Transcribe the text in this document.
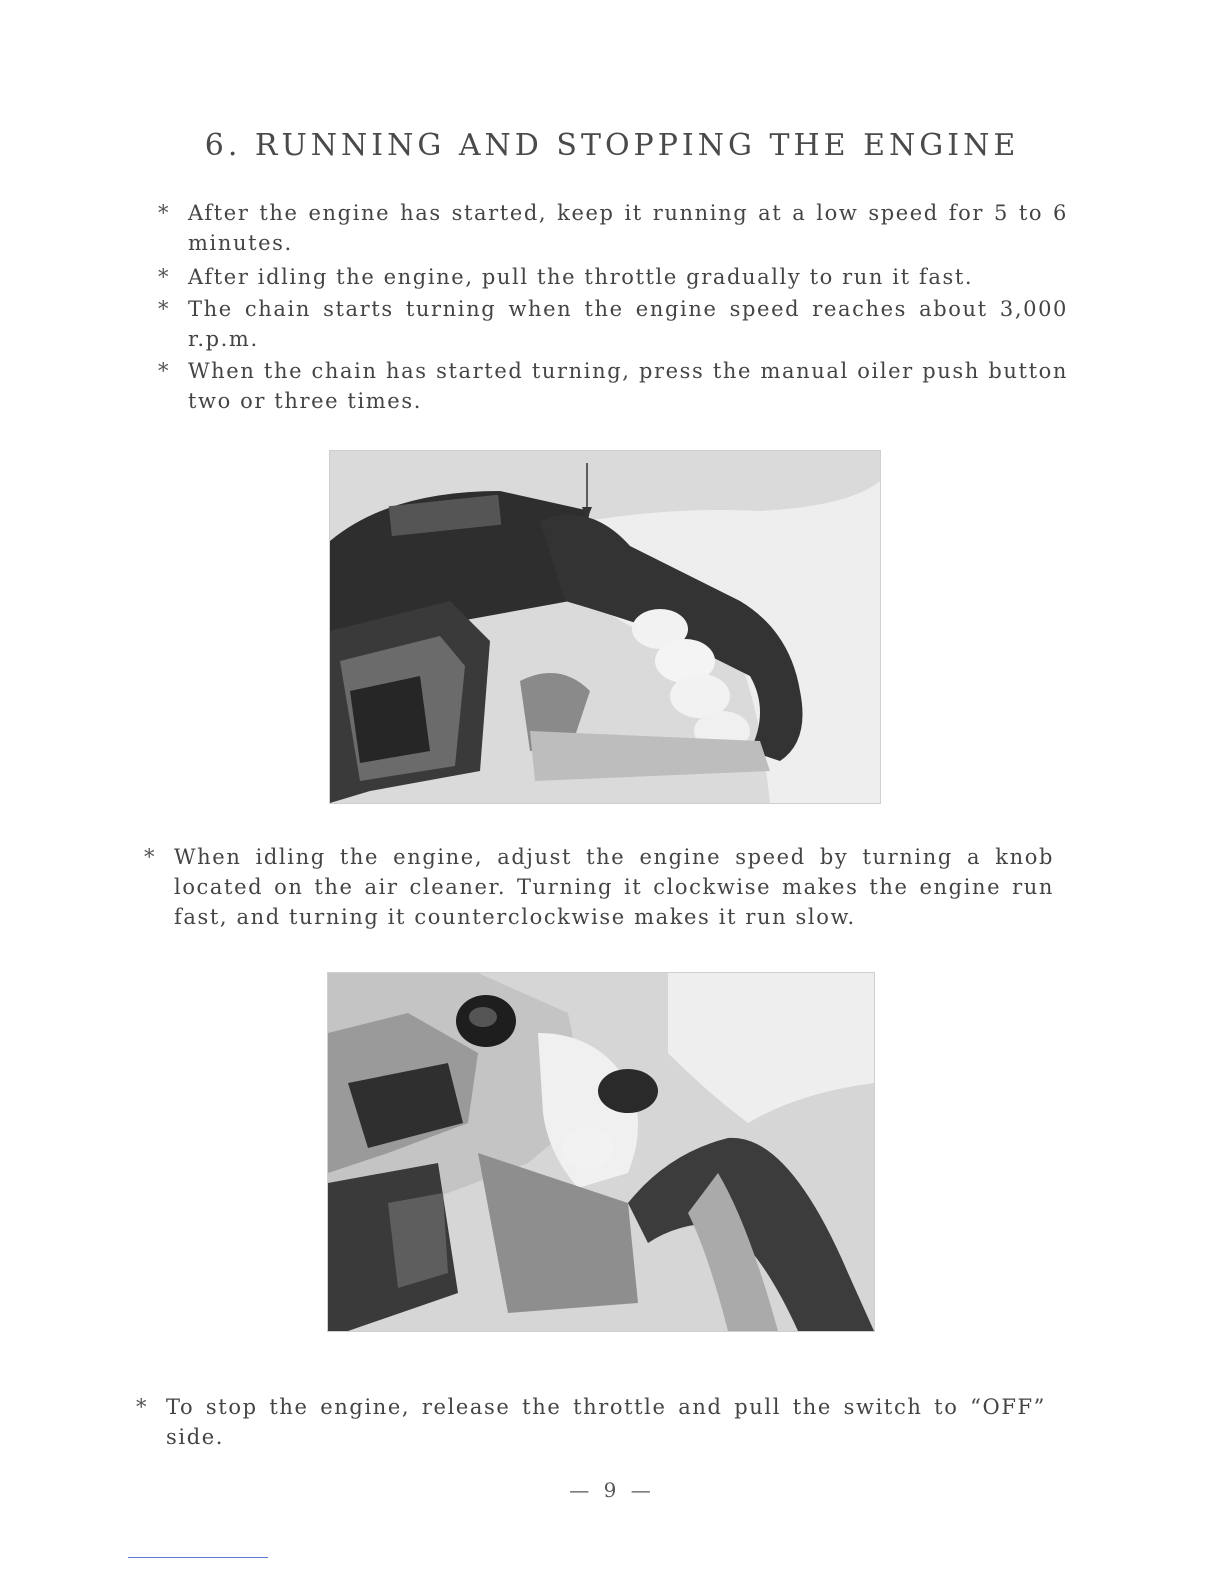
6. RUNNING AND STOPPING THE ENGINE
* After the engine has started, keep it running at a low speed for 5 to 6 minutes.
* After idling the engine, pull the throttle gradually to run it fast.
* The chain starts turning when the engine speed reaches about 3,000 r.p.m.
* When the chain has started turning, press the manual oiler push button two or three times.
* When idling the engine, adjust the engine speed by turning a knob located on the air cleaner. Turning it clockwise makes the engine run fast, and turning it counterclockwise makes it run slow.
* To stop the engine, release the throttle and pull the switch to “OFF” side.
— 9 —
